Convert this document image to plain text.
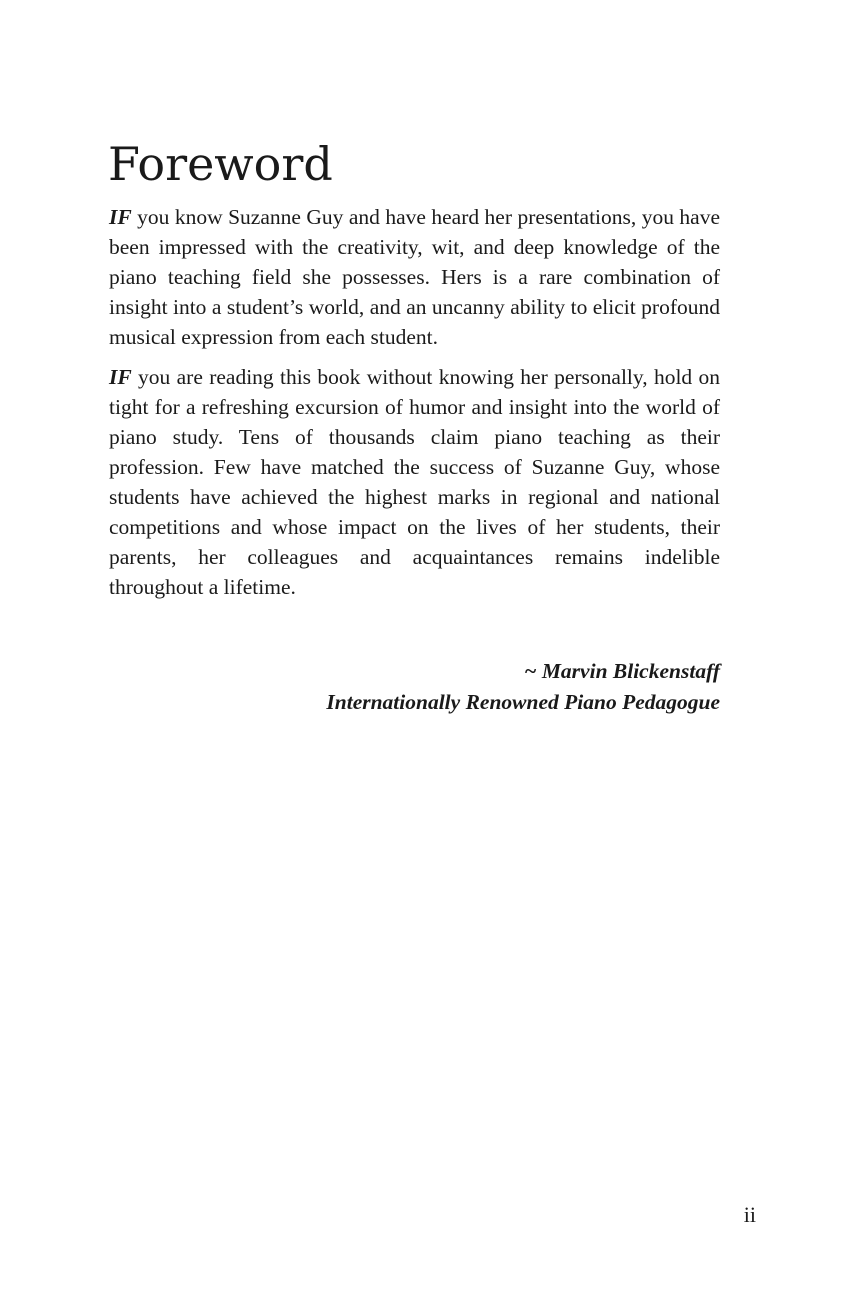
Foreword

IF you know Suzanne Guy and have heard her presentations, you have been impressed with the creativity, wit, and deep knowledge of the piano teaching field she possesses. Hers is a rare combination of insight into a student’s world, and an uncanny ability to elicit profound musical expression from each student.

IF you are reading this book without knowing her personally, hold on tight for a refreshing excursion of humor and insight into the world of piano study. Tens of thousands claim piano teaching as their profession. Few have matched the success of Suzanne Guy, whose students have achieved the highest marks in regional and national competitions and whose impact on the lives of her students, their parents, her colleagues and acquaintances remains indelible throughout a lifetime.

~ Marvin Blickenstaff
Internationally Renowned Piano Pedagogue
ii
